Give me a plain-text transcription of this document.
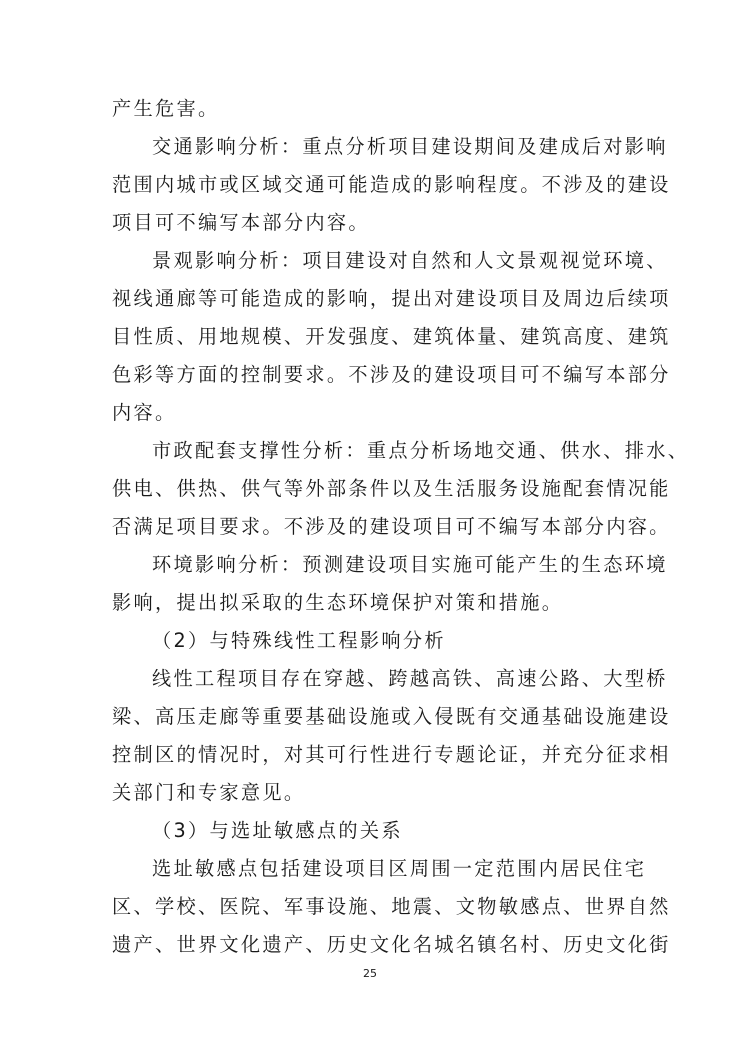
产生危害。
交通影响分析：重点分析项目建设期间及建成后对影响
范围内城市或区域交通可能造成的影响程度。不涉及的建设
项目可不编写本部分内容。
景观影响分析：项目建设对自然和人文景观视觉环境、
视线通廊等可能造成的影响，提出对建设项目及周边后续项
目性质、用地规模、开发强度、建筑体量、建筑高度、建筑
色彩等方面的控制要求。不涉及的建设项目可不编写本部分
内容。
市政配套支撑性分析：重点分析场地交通、供水、排水、
供电、供热、供气等外部条件以及生活服务设施配套情况能
否满足项目要求。不涉及的建设项目可不编写本部分内容。
环境影响分析：预测建设项目实施可能产生的生态环境
影响，提出拟采取的生态环境保护对策和措施。
（2）与特殊线性工程影响分析
线性工程项目存在穿越、跨越高铁、高速公路、大型桥
梁、高压走廊等重要基础设施或入侵既有交通基础设施建设
控制区的情况时，对其可行性进行专题论证，并充分征求相
关部门和专家意见。
（3）与选址敏感点的关系
选址敏感点包括建设项目区周围一定范围内居民住宅
区、学校、医院、军事设施、地震、文物敏感点、世界自然
遗产、世界文化遗产、历史文化名城名镇名村、历史文化街
25
